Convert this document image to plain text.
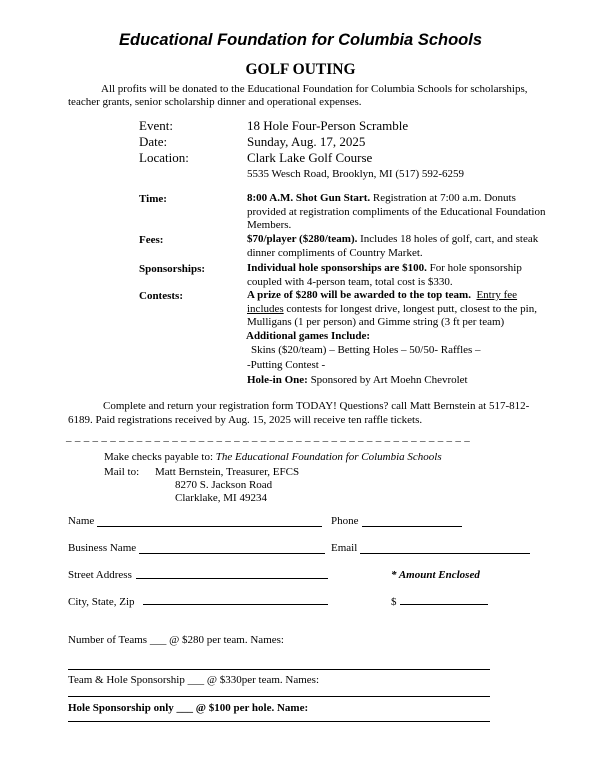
Educational Foundation for Columbia Schools
GOLF OUTING
All profits will be donated to the Educational Foundation for Columbia Schools for scholarships, teacher grants, senior scholarship dinner and operational expenses.
Event:	18 Hole Four-Person Scramble
Date:	Sunday, Aug. 17, 2025
Location:	Clark Lake Golf Course
5535 Wesch Road, Brooklyn, MI (517) 592-6259
Time:	8:00 A.M. Shot Gun Start. Registration at 7:00 a.m. Donuts provided at registration compliments of the Educational Foundation Members.
Fees:	$70/player ($280/team). Includes 18 holes of golf, cart, and steak dinner compliments of Country Market.
Sponsorships:	Individual hole sponsorships are $100. For hole sponsorship coupled with 4-person team, total cost is $330.
Contests:	A prize of $280 will be awarded to the top team. Entry fee includes contests for longest drive, longest putt, closest to the pin, Mulligans (1 per person) and Gimme string (3 ft per team)
Additional games Include:
Skins ($20/team) – Betting Holes – 50/50- Raffles –
-Putting Contest -
Hole-in One: Sponsored by Art Moehn Chevrolet
Complete and return your registration form TODAY! Questions? call Matt Bernstein at 517-812-6189. Paid registrations received by Aug. 15, 2025 will receive ten raffle tickets.
_ _ _ _ _ _ _ _ _ _ _ _ _ _ _ _ _ _ _ _ _ _ _ _ _ _ _ _ _ _ _ _ _ _ _ _ _ _ _ _ _ _ _ _ _ _
Make checks payable to: The Educational Foundation for Columbia Schools
Mail to: Matt Bernstein, Treasurer, EFCS
8270 S. Jackson Road
Clarklake, MI 49234
Name	Phone
Business Name	Email
Street Address	* Amount Enclosed
City, State, Zip	$
Number of Teams ___ @ $280 per team. Names:
Team & Hole Sponsorship ___ @ $330per team. Names:
Hole Sponsorship only ___ @ $100 per hole. Name:
